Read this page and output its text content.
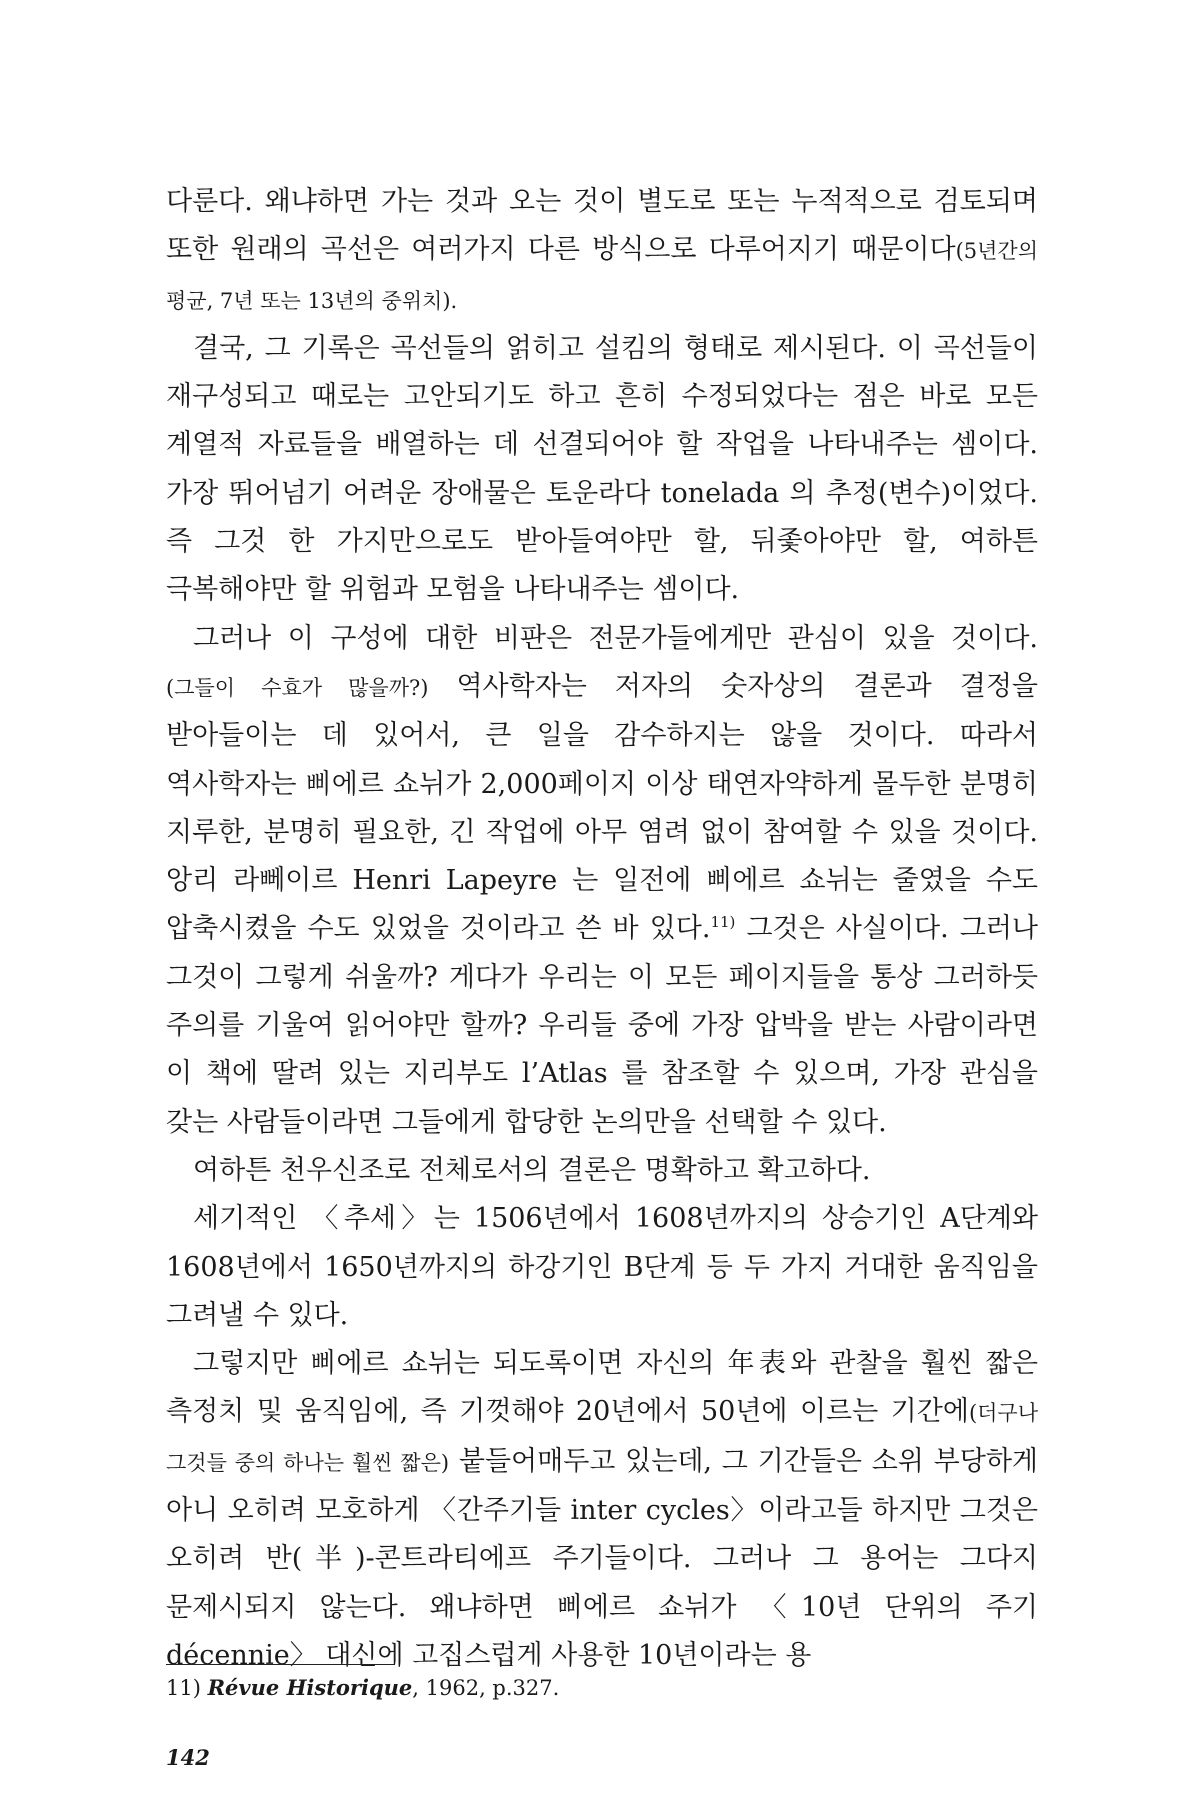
다룬다. 왜냐하면 가는 것과 오는 것이 별도로 또는 누적적으로 검토되며 또한 원래의 곡선은 여러가지 다른 방식으로 다루어지기 때문이다(5년간의 평균, 7년 또는 13년의 중위치).

결국, 그 기록은 곡선들의 얽히고 설킴의 형태로 제시된다. 이 곡선들이 재구성되고 때로는 고안되기도 하고 흔히 수정되었다는 점은 바로 모든 계열적 자료들을 배열하는 데 선결되어야 할 작업을 나타내주는 셈이다. 가장 뛰어넘기 어려운 장애물은 토운라다 tonelada 의 추정(변수)이었다. 즉 그것 한 가지만으로도 받아들여야만 할, 뒤좇아야만 할, 여하튼 극복해야만 할 위험과 모험을 나타내주는 셈이다.

그러나 이 구성에 대한 비판은 전문가들에게만 관심이 있을 것이다. (그들이 수효가 많을까?) 역사학자는 저자의 숫자상의 결론과 결정을 받아들이는 데 있어서, 큰 일을 감수하지는 않을 것이다. 따라서 역사학자는 삐에르 쇼뉘가 2,000페이지 이상 태연자약하게 몰두한 분명히 지루한, 분명히 필요한, 긴 작업에 아무 염려 없이 참여할 수 있을 것이다. 앙리 라뻬이르 Henri Lapeyre 는 일전에 삐에르 쇼뉘는 줄였을 수도 압축시켰을 수도 있었을 것이라고 쓴 바 있다.$^{11)}$ 그것은 사실이다. 그러나 그것이 그렇게 쉬울까? 게다가 우리는 이 모든 페이지들을 통상 그러하듯 주의를 기울여 읽어야만 할까? 우리들 중에 가장 압박을 받는 사람이라면 이 책에 딸려 있는 지리부도 l’Atlas 를 참조할 수 있으며, 가장 관심을 갖는 사람들이라면 그들에게 합당한 논의만을 선택할 수 있다.

여하튼 천우신조로 전체로서의 결론은 명확하고 확고하다.

세기적인 〈추세〉는 1506년에서 1608년까지의 상승기인 A단계와 1608년에서 1650년까지의 하강기인 B단계 등 두 가지 거대한 움직임을 그려낼 수 있다.

그렇지만 삐에르 쇼뉘는 되도록이면 자신의 年表와 관찰을 훨씬 짧은 측정치 및 움직임에, 즉 기껏해야 20년에서 50년에 이르는 기간에(더구나 그것들 중의 하나는 훨씬 짧은) 붙들어매두고 있는데, 그 기간들은 소위 부당하게 아니 오히려 모호하게 〈간주기들 inter cycles〉이라고들 하지만 그것은 오히려 반(半)-콘트라티에프 주기들이다. 그러나 그 용어는 그다지 문제시되지 않는다. 왜냐하면 삐에르 쇼뉘가 〈10년 단위의 주기 décennie〉 대신에 고집스럽게 사용한 10년이라는 용

11) Révue Historique, 1962, p.327.
142
